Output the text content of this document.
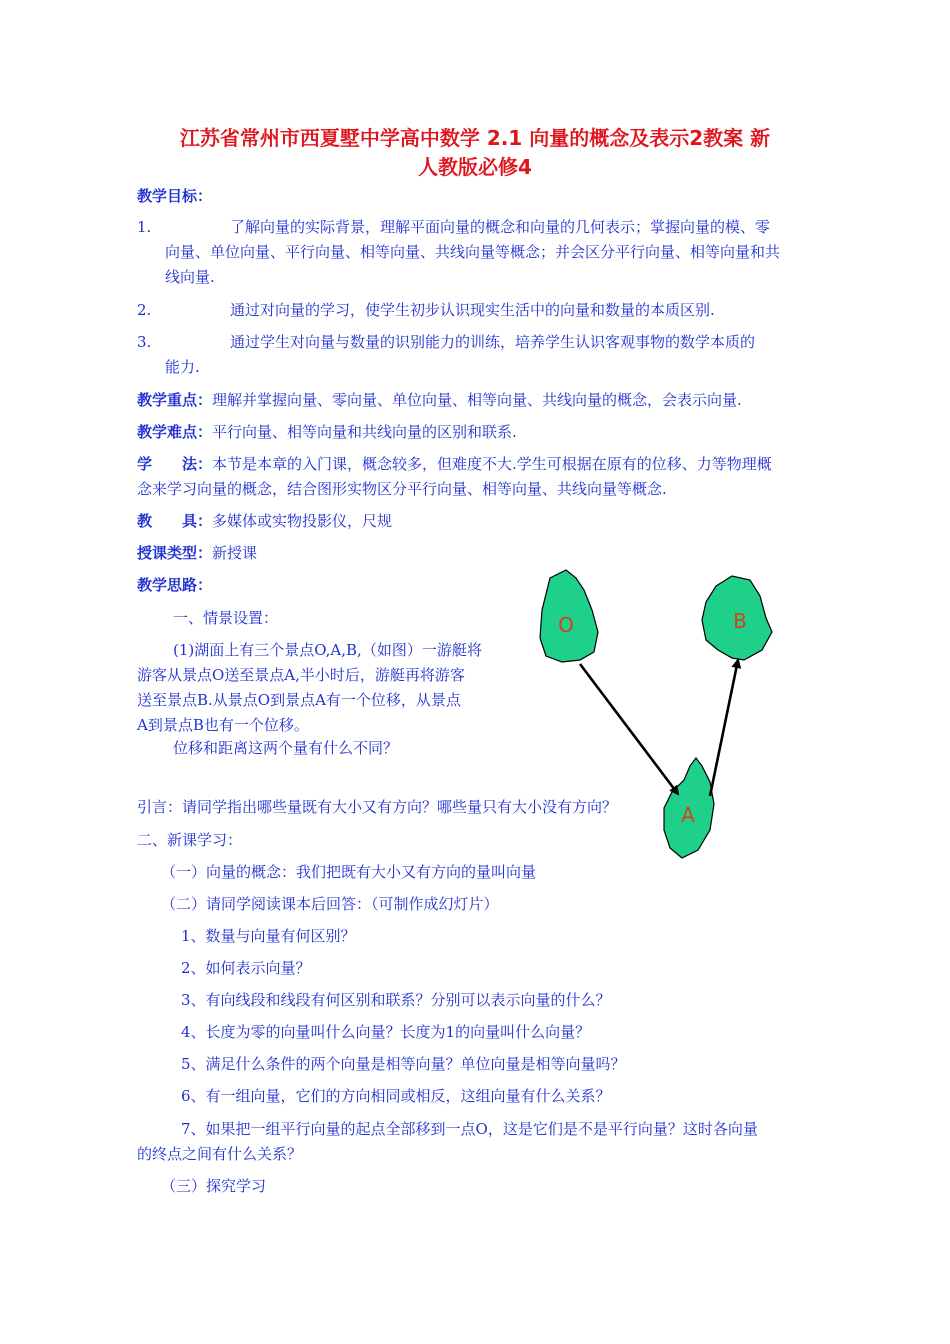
江苏省常州市西夏墅中学高中数学 2.1 向量的概念及表示2教案 新
人教版必修4
教学目标：
1.	了解向量的实际背景，理解平面向量的概念和向量的几何表示；掌握向量的模、零
向量、单位向量、平行向量、相等向量、共线向量等概念；并会区分平行向量、相等向量和共
线向量.
2.	通过对向量的学习，使学生初步认识现实生活中的向量和数量的本质区别.
3.	通过学生对向量与数量的识别能力的训练，培养学生认识客观事物的数学本质的
能力.
教学重点：理解并掌握向量、零向量、单位向量、相等向量、共线向量的概念，会表示向量.
教学难点：平行向量、相等向量和共线向量的区别和联系.
学　　法：本节是本章的入门课，概念较多，但难度不大.学生可根据在原有的位移、力等物理概
念来学习向量的概念，结合图形实物区分平行向量、相等向量、共线向量等概念.
教　　具：多媒体或实物投影仪，尺规
授课类型：新授课
教学思路：
一、情景设置：
(1)湖面上有三个景点O,A,B,（如图）一游艇将
游客从景点O送至景点A,半小时后，游艇再将游客
送至景点B.从景点O到景点A有一个位移，从景点
A到景点B也有一个位移。
位移和距离这两个量有什么不同？
引言：请同学指出哪些量既有大小又有方向？哪些量只有大小没有方向？
二、新课学习：
（一）向量的概念：我们把既有大小又有方向的量叫向量
（二）请同学阅读课本后回答：（可制作成幻灯片）
1、数量与向量有何区别？
2、如何表示向量？
3、有向线段和线段有何区别和联系？分别可以表示向量的什么？
4、长度为零的向量叫什么向量？长度为1的向量叫什么向量？
5、满足什么条件的两个向量是相等向量？单位向量是相等向量吗？
6、有一组向量，它们的方向相同或相反，这组向量有什么关系？
7、如果把一组平行向量的起点全部移到一点O，这是它们是不是平行向量？这时各向量
的终点之间有什么关系？
（三）探究学习
O	B
A
